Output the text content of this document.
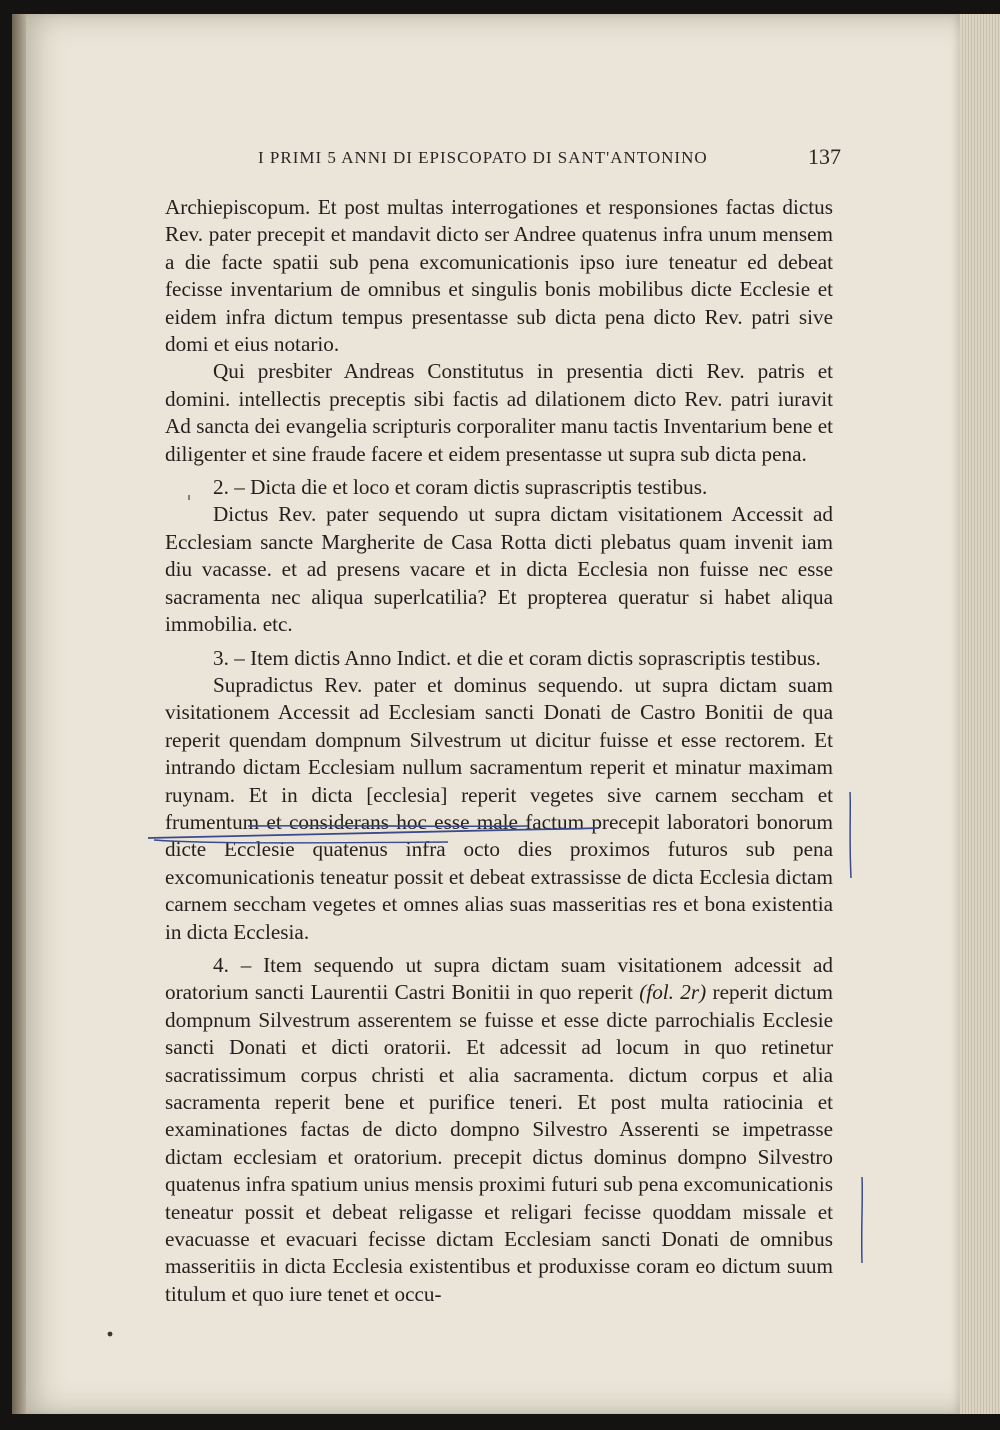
I PRIMI 5 ANNI DI EPISCOPATO DI SANT'ANTONINO	137

Archiepiscopum. Et post multas interrogationes et responsiones factas dictus Rev. pater precepit et mandavit dicto ser Andree quatenus infra unum mensem a die facte spatii sub pena excomunicationis ipso iure teneatur ed debeat fecisse inventarium de omnibus et singulis bonis mobilibus dicte Ecclesie et eidem infra dictum tempus presentasse sub dicta pena dicto Rev. patri sive domi et eius notario.

Qui presbiter Andreas Constitutus in presentia dicti Rev. patris et domini. intellectis preceptis sibi factis ad dilationem dicto Rev. patri iuravit Ad sancta dei evangelia scripturis corporaliter manu tactis Inventarium bene et diligenter et sine fraude facere et eidem presentasse ut supra sub dicta pena.

2. – Dicta die et loco et coram dictis suprascriptis testibus.

Dictus Rev. pater sequendo ut supra dictam visitationem Accessit ad Ecclesiam sancte Margherite de Casa Rotta dicti plebatus quam invenit iam diu vacasse. et ad presens vacare et in dicta Ecclesia non fuisse nec esse sacramenta nec aliqua superlcatilia? Et propterea queratur si habet aliqua immobilia. etc.

3. – Item dictis Anno Indict. et die et coram dictis soprascriptis testibus.

Supradictus Rev. pater et dominus sequendo. ut supra dictam suam visitationem Accessit ad Ecclesiam sancti Donati de Castro Bonitii de qua reperit quendam dompnum Silvestrum ut dicitur fuisse et esse rectorem. Et intrando dictam Ecclesiam nullum sacramentum reperit et minatur maximam ruynam. Et in dicta [ecclesia] reperit vegetes sive carnem seccham et frumentum et considerans hoc esse male factum precepit laboratori bonorum dicte Ecclesie quatenus infra octo dies proximos futuros sub pena excomunicationis teneatur possit et debeat extrassisse de dicta Ecclesia dictam carnem seccham vegetes et omnes alias suas masseritias res et bona existentia in dicta Ecclesia.

4. – Item sequendo ut supra dictam suam visitationem adcessit ad oratorium sancti Laurentii Castri Bonitii in quo reperit (fol. 2r) reperit dictum dompnum Silvestrum asserentem se fuisse et esse dicte parrochialis Ecclesie sancti Donati et dicti oratorii. Et adcessit ad locum in quo retinetur sacratissimum corpus christi et alia sacramenta. dictum corpus et alia sacramenta reperit bene et purifice teneri. Et post multa ratiocinia et examinationes factas de dicto dompno Silvestro Asserenti se impetrasse dictam ecclesiam et oratorium. precepit dictus dominus dompno Silvestro quatenus infra spatium unius mensis proximi futuri sub pena excomunicationis teneatur possit et debeat religasse et religari fecisse quoddam missale et evacuasse et evacuari fecisse dictam Ecclesiam sancti Donati de omnibus masseritiis in dicta Ecclesia existentibus et produxisse coram eo dictum suum titulum et quo iure tenet et occu-
